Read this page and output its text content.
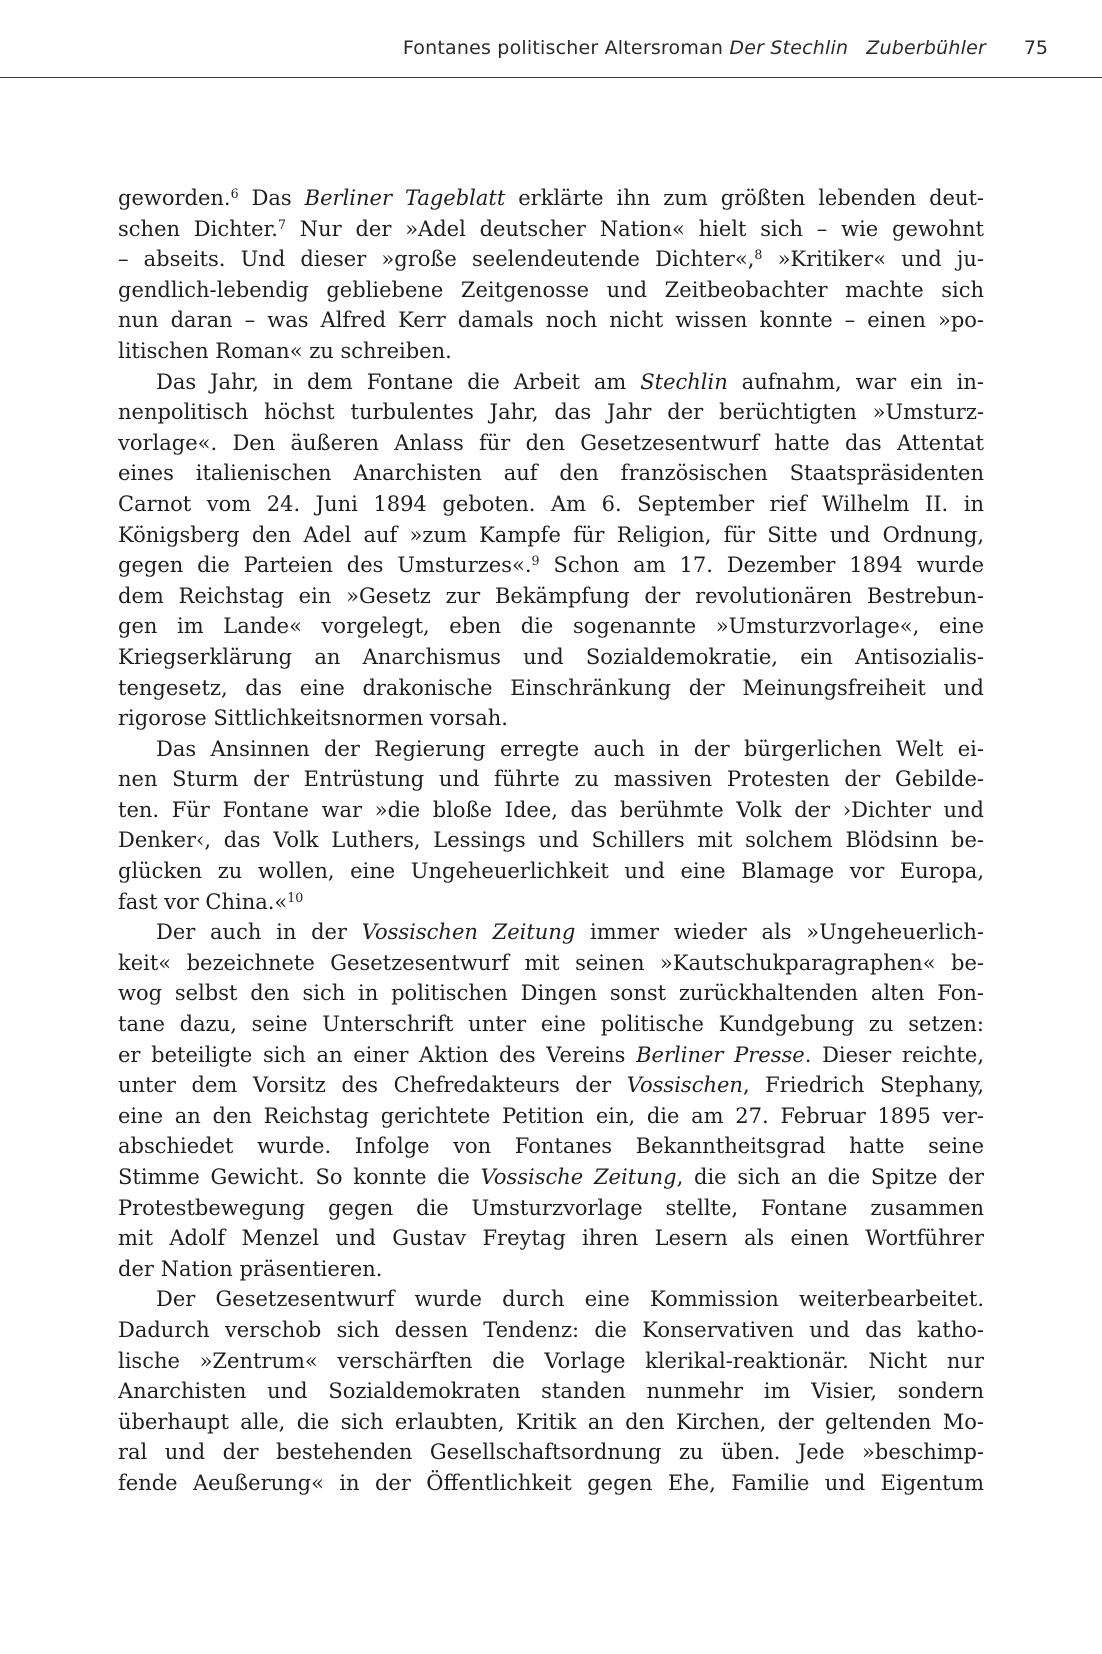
Fontanes politischer Altersroman Der Stechlin Zuberbühler 75
geworden.$^6$ Das Berliner Tageblatt erklärte ihn zum größten lebenden deut-
schen Dichter.$^7$ Nur der »Adel deutscher Nation« hielt sich – wie gewohnt
– abseits. Und dieser »große seelendeutende Dichter«,$^8$ »Kritiker« und ju-
gendlich-lebendig gebliebene Zeitgenosse und Zeitbeobachter machte sich
nun daran – was Alfred Kerr damals noch nicht wissen konnte – einen »po-
litischen Roman« zu schreiben.
Das Jahr, in dem Fontane die Arbeit am Stechlin aufnahm, war ein in-
nenpolitisch höchst turbulentes Jahr, das Jahr der berüchtigten »Umsturz-
vorlage«. Den äußeren Anlass für den Gesetzesentwurf hatte das Attentat
eines italienischen Anarchisten auf den französischen Staatspräsidenten
Carnot vom 24. Juni 1894 geboten. Am 6. September rief Wilhelm II. in
Königsberg den Adel auf »zum Kampfe für Religion, für Sitte und Ordnung,
gegen die Parteien des Umsturzes«.$^9$ Schon am 17. Dezember 1894 wurde
dem Reichstag ein »Gesetz zur Bekämpfung der revolutionären Bestrebun-
gen im Lande« vorgelegt, eben die sogenannte »Umsturzvorlage«, eine
Kriegserklärung an Anarchismus und Sozialdemokratie, ein Antisozialis-
tengesetz, das eine drakonische Einschränkung der Meinungsfreiheit und
rigorose Sittlichkeitsnormen vorsah.
Das Ansinnen der Regierung erregte auch in der bürgerlichen Welt ei-
nen Sturm der Entrüstung und führte zu massiven Protesten der Gebilde-
ten. Für Fontane war »die bloße Idee, das berühmte Volk der ›Dichter und
Denker‹, das Volk Luthers, Lessings und Schillers mit solchem Blödsinn be-
glücken zu wollen, eine Ungeheuerlichkeit und eine Blamage vor Europa,
fast vor China.«$^{10}$
Der auch in der Vossischen Zeitung immer wieder als »Ungeheuerlich-
keit« bezeichnete Gesetzesentwurf mit seinen »Kautschukparagraphen« be-
wog selbst den sich in politischen Dingen sonst zurückhaltenden alten Fon-
tane dazu, seine Unterschrift unter eine politische Kundgebung zu setzen:
er beteiligte sich an einer Aktion des Vereins Berliner Presse. Dieser reichte,
unter dem Vorsitz des Chefredakteurs der Vossischen, Friedrich Stephany,
eine an den Reichstag gerichtete Petition ein, die am 27. Februar 1895 ver-
abschiedet wurde. Infolge von Fontanes Bekanntheitsgrad hatte seine
Stimme Gewicht. So konnte die Vossische Zeitung, die sich an die Spitze der
Protestbewegung gegen die Umsturzvorlage stellte, Fontane zusammen
mit Adolf Menzel und Gustav Freytag ihren Lesern als einen Wortführer
der Nation präsentieren.
Der Gesetzesentwurf wurde durch eine Kommission weiterbearbeitet.
Dadurch verschob sich dessen Tendenz: die Konservativen und das katho-
lische »Zentrum« verschärften die Vorlage klerikal-reaktionär. Nicht nur
Anarchisten und Sozialdemokraten standen nunmehr im Visier, sondern
überhaupt alle, die sich erlaubten, Kritik an den Kirchen, der geltenden Mo-
ral und der bestehenden Gesellschaftsordnung zu üben. Jede »beschimp-
fende Aeußerung« in der Öffentlichkeit gegen Ehe, Familie und Eigentum
